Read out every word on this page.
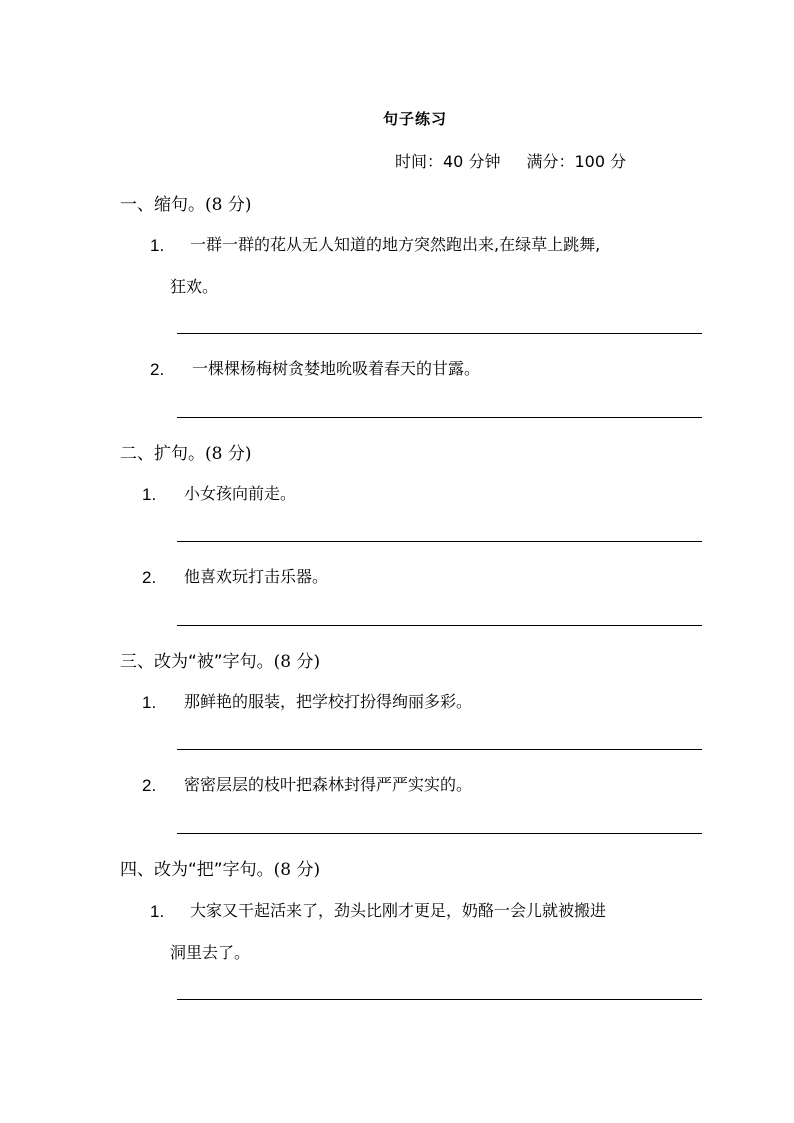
句子练习
时间：40 分钟 满分：100 分
一、缩句。(8 分)
1. 一群一群的花从无人知道的地方突然跑出来,在绿草上跳舞,
狂欢。
2. 一棵棵杨梅树贪婪地吮吸着春天的甘露。
二、扩句。(8 分)
1. 小女孩向前走。
2. 他喜欢玩打击乐器。
三、改为“被”字句。(8 分)
1. 那鲜艳的服装，把学校打扮得绚丽多彩。
2. 密密层层的枝叶把森林封得严严实实的。
四、改为“把”字句。(8 分)
1. 大家又干起活来了，劲头比刚才更足，奶酪一会儿就被搬进
洞里去了。
